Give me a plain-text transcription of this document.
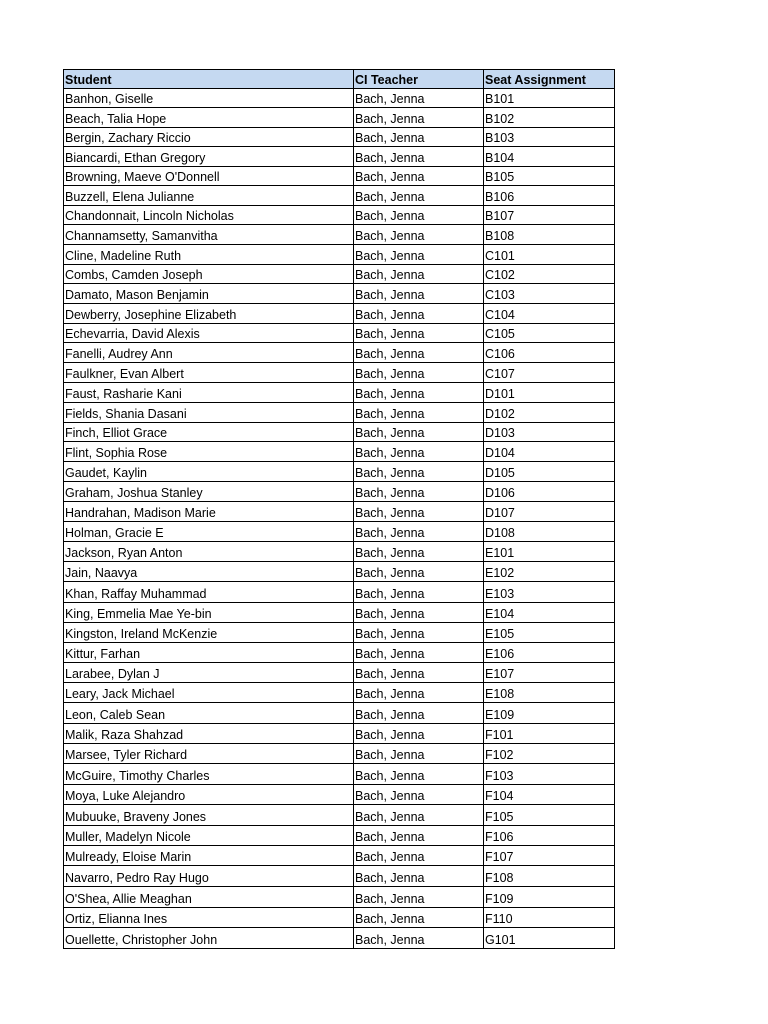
Student	CI Teacher	Seat Assignment
Banhon, Giselle	Bach, Jenna	B101
Beach, Talia Hope	Bach, Jenna	B102
Bergin, Zachary Riccio	Bach, Jenna	B103
Biancardi, Ethan Gregory	Bach, Jenna	B104
Browning, Maeve O'Donnell	Bach, Jenna	B105
Buzzell, Elena Julianne	Bach, Jenna	B106
Chandonnait, Lincoln Nicholas	Bach, Jenna	B107
Channamsetty, Samanvitha	Bach, Jenna	B108
Cline, Madeline Ruth	Bach, Jenna	C101
Combs, Camden Joseph	Bach, Jenna	C102
Damato, Mason Benjamin	Bach, Jenna	C103
Dewberry, Josephine Elizabeth	Bach, Jenna	C104
Echevarria, David Alexis	Bach, Jenna	C105
Fanelli, Audrey Ann	Bach, Jenna	C106
Faulkner, Evan Albert	Bach, Jenna	C107
Faust, Rasharie Kani	Bach, Jenna	D101
Fields, Shania Dasani	Bach, Jenna	D102
Finch, Elliot Grace	Bach, Jenna	D103
Flint, Sophia Rose	Bach, Jenna	D104
Gaudet, Kaylin	Bach, Jenna	D105
Graham, Joshua Stanley	Bach, Jenna	D106
Handrahan, Madison Marie	Bach, Jenna	D107
Holman, Gracie E	Bach, Jenna	D108
Jackson, Ryan Anton	Bach, Jenna	E101
Jain, Naavya	Bach, Jenna	E102
Khan, Raffay Muhammad	Bach, Jenna	E103
King, Emmelia Mae Ye-bin	Bach, Jenna	E104
Kingston, Ireland McKenzie	Bach, Jenna	E105
Kittur, Farhan	Bach, Jenna	E106
Larabee, Dylan J	Bach, Jenna	E107
Leary, Jack Michael	Bach, Jenna	E108
Leon, Caleb Sean	Bach, Jenna	E109
Malik, Raza Shahzad	Bach, Jenna	F101
Marsee, Tyler Richard	Bach, Jenna	F102
McGuire, Timothy Charles	Bach, Jenna	F103
Moya, Luke Alejandro	Bach, Jenna	F104
Mubuuke, Braveny Jones	Bach, Jenna	F105
Muller, Madelyn Nicole	Bach, Jenna	F106
Mulready, Eloise Marin	Bach, Jenna	F107
Navarro, Pedro Ray Hugo	Bach, Jenna	F108
O'Shea, Allie Meaghan	Bach, Jenna	F109
Ortiz, Elianna Ines	Bach, Jenna	F110
Ouellette, Christopher John	Bach, Jenna	G101
